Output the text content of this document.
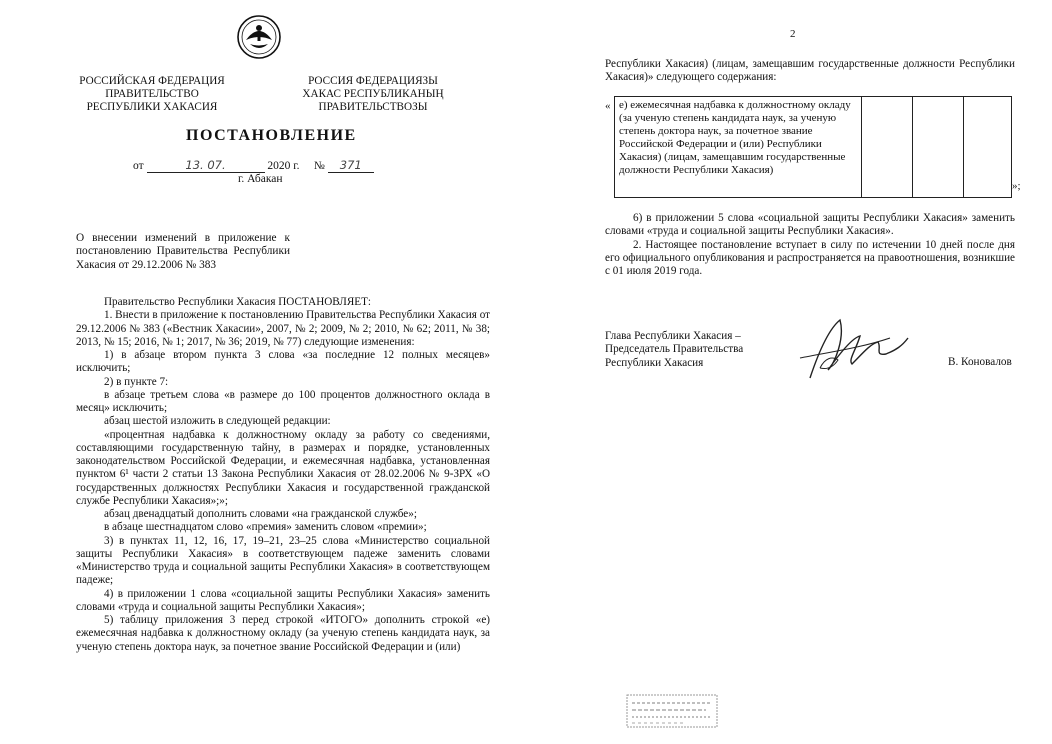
РОССИЙСКАЯ ФЕДЕРАЦИЯ
ПРАВИТЕЛЬСТВО
РЕСПУБЛИКИ ХАКАСИЯ
РОССИЯ ФЕДЕРАЦИЯЗЫ
ХАКАС РЕСПУБЛИКАНЫҢ
ПРАВИТЕЛЬСТВОЗЫ
ПОСТАНОВЛЕНИЕ
от	13. 07.	2020 г. № 371
г. Абакан
О внесении изменений в приложение к постановлению Правительства Республики Хакасия от 29.12.2006 № 383

Правительство Республики Хакасия ПОСТАНОВЛЯЕТ:

1. Внести в приложение к постановлению Правительства Республики Хакасия от 29.12.2006 № 383 («Вестник Хакасии», 2007, № 2; 2009, № 2; 2010, № 62; 2011, № 38; 2013, № 15; 2016, № 1; 2017, № 36; 2019, № 77) следующие изменения:

1) в абзаце втором пункта 3 слова «за последние 12 полных месяцев» исключить;

2) в пункте 7:

в абзаце третьем слова «в размере до 100 процентов должностного оклада в месяц» исключить;

абзац шестой изложить в следующей редакции:

«процентная надбавка к должностному окладу за работу со сведениями, составляющими государственную тайну, в размерах и порядке, установленных законодательством Российской Федерации, и ежемесячная надбавка, установленная пунктом 6¹ части 2 статьи 13 Закона Республики Хакасия от 28.02.2006 № 9-ЗРХ «О государственных должностях Республики Хакасия и государственной гражданской службе Республики Хакасия»;»;

абзац двенадцатый дополнить словами «на гражданской службе»;

в абзаце шестнадцатом слово «премия» заменить словом «премии»;

3) в пунктах 11, 12, 16, 17, 19–21, 23–25 слова «Министерство социальной защиты Республики Хакасия» в соответствующем падеже заменить словами «Министерство труда и социальной защиты Республики Хакасия» в соответствующем падеже;

4) в приложении 1 слова «социальной защиты Республики Хакасия» заменить словами «труда и социальной защиты Республики Хакасия»;

5) таблицу приложения 3 перед строкой «ИТОГО» дополнить строкой «е) ежемесячная надбавка к должностному окладу (за ученую степень кандидата наук, за ученую степень доктора наук, за почетное звание Российской Федерации и (или)

2

Республики Хакасия) (лицам, замещавшим государственные должности Республики Хакасия)» следующего содержания:

« е) ежемесячная надбавка к должностному окладу (за ученую степень кандидата наук, за ученую степень доктора наук, за почетное звание Российской Федерации и (или) Республики Хакасия) (лицам, замещавшим государственные должности Республики Хакасия)
»;

6) в приложении 5 слова «социальной защиты Республики Хакасия» заменить словами «труда и социальной защиты Республики Хакасия».

2. Настоящее постановление вступает в силу по истечении 10 дней после дня его официального опубликования и распространяется на правоотношения, возникшие с 01 июля 2019 года.

Глава Республики Хакасия –
Председатель Правительства
Республики Хакасия	В. Коновалов
